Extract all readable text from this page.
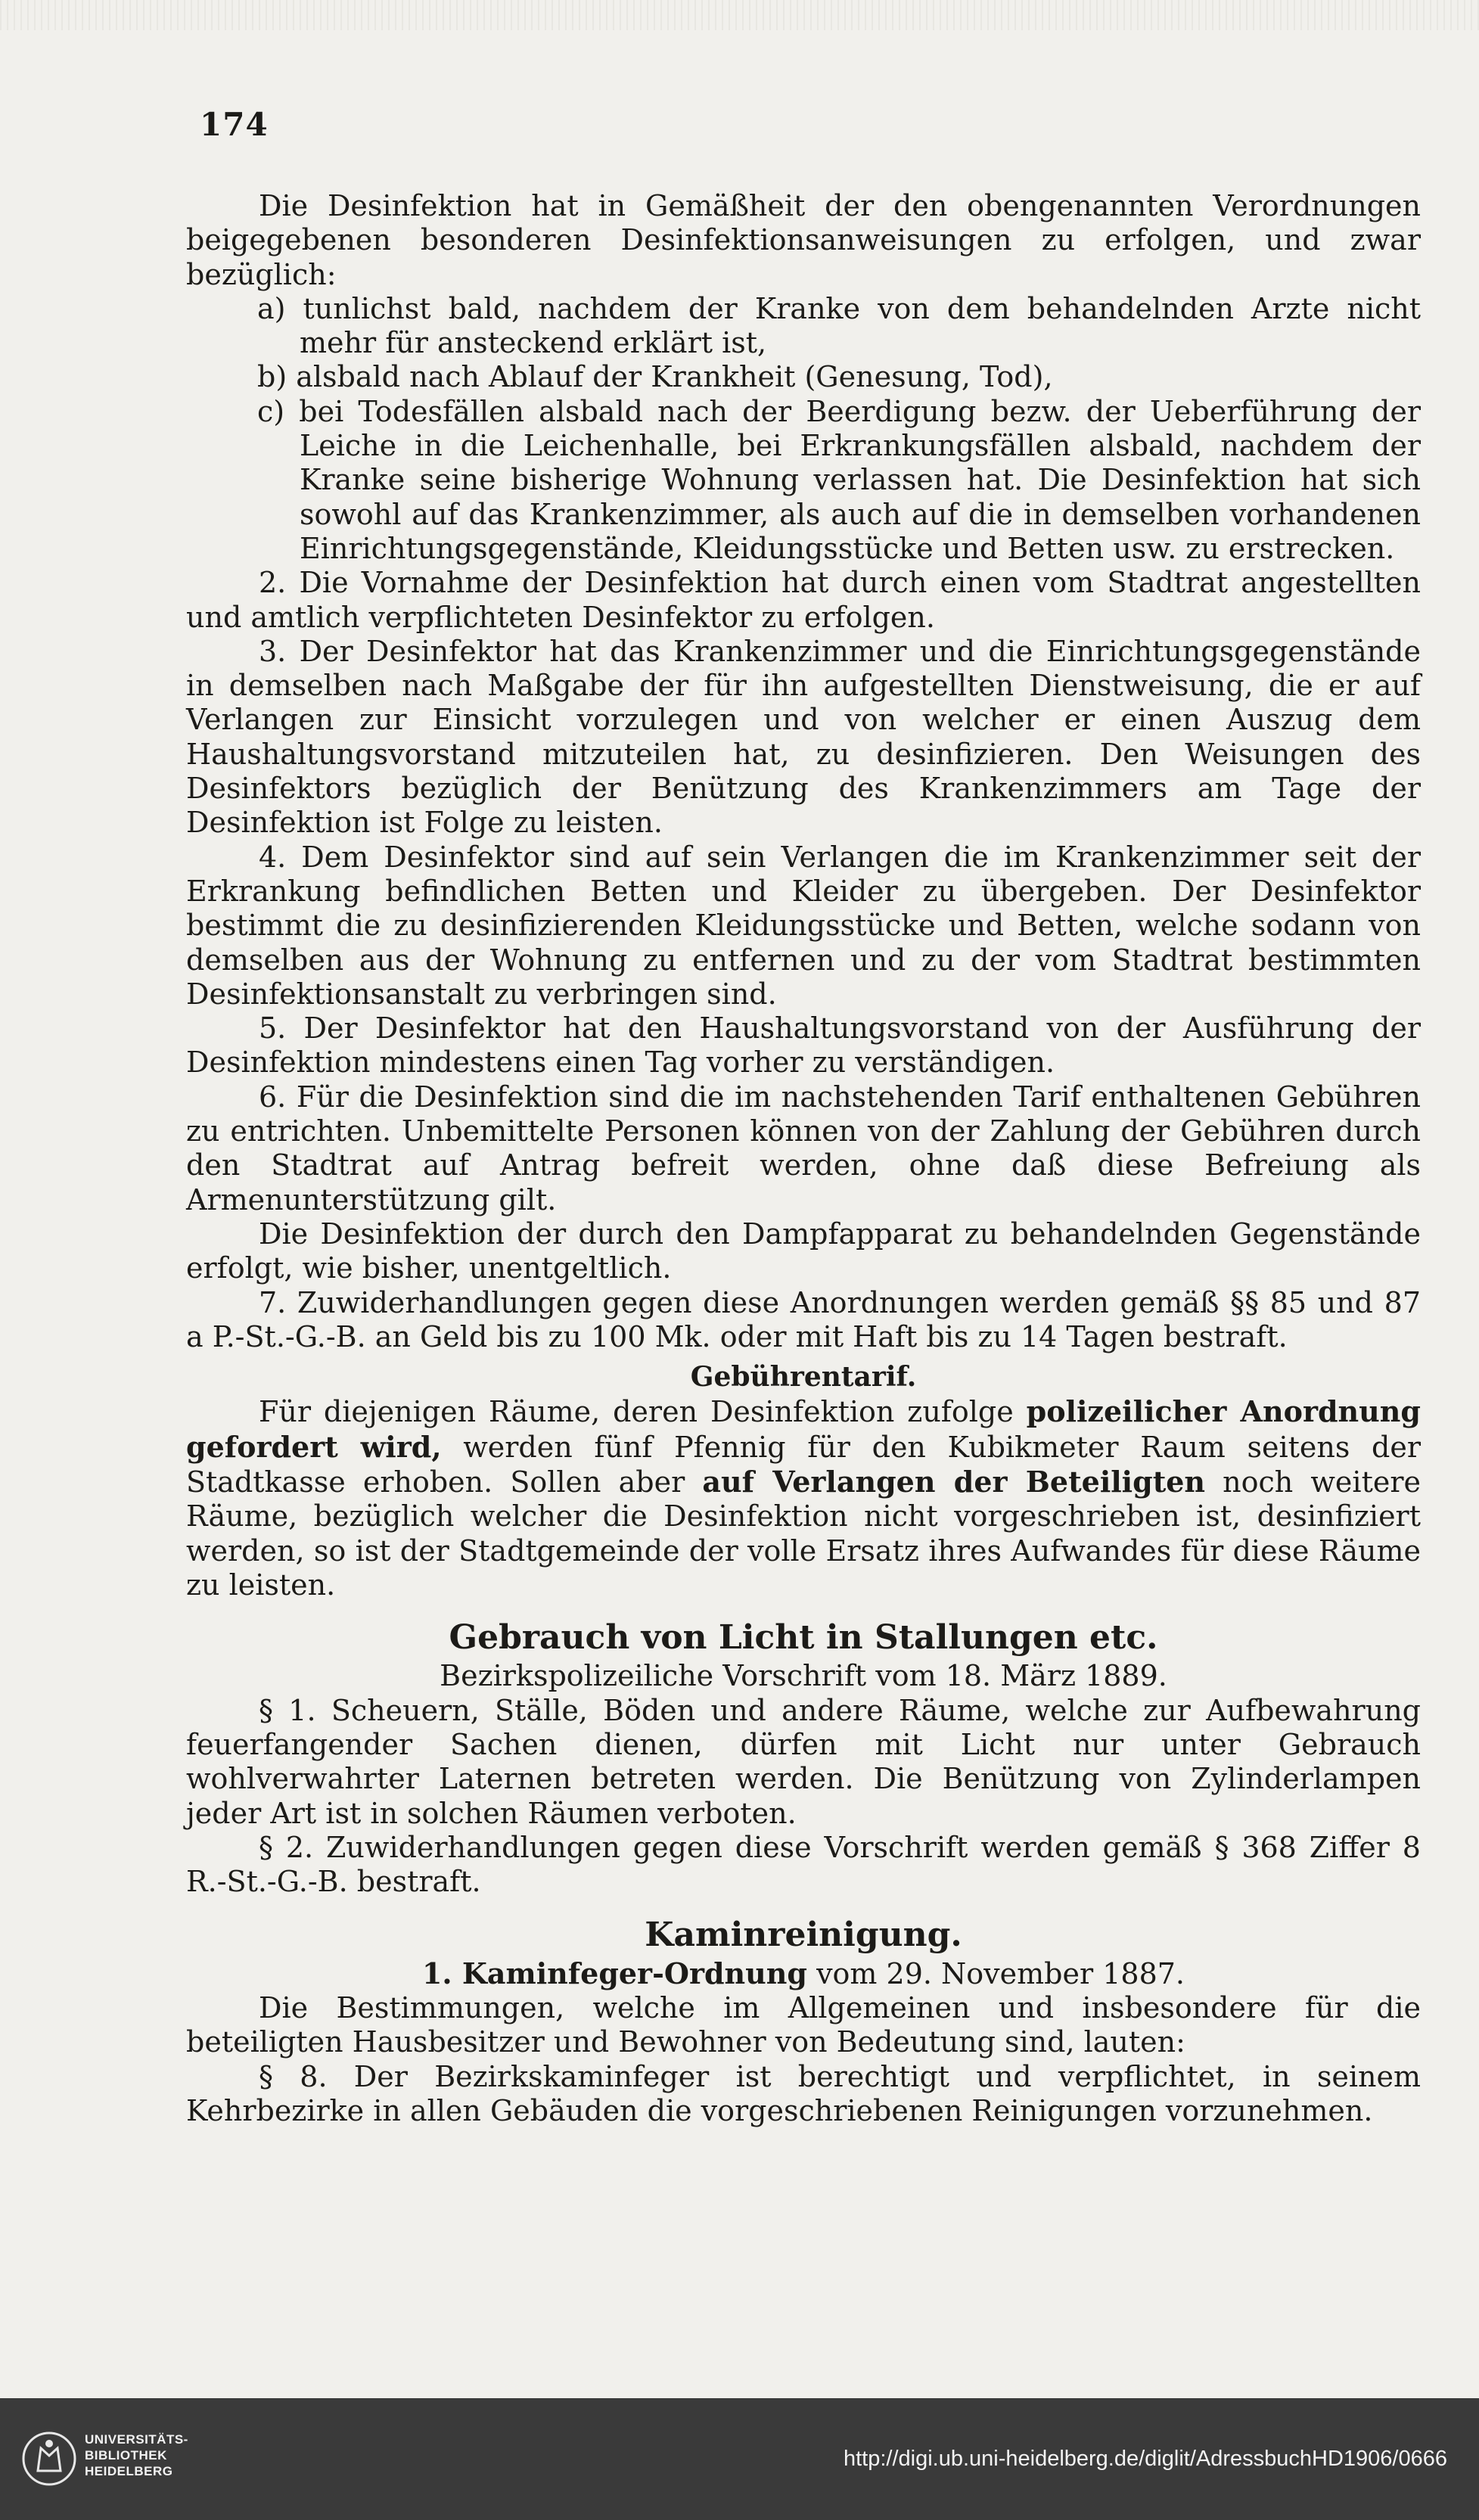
174

Die Desinfektion hat in Gemäßheit der den obengenannten Verordnungen beigegebenen besonderen Desinfektionsanweisungen zu erfolgen, und zwar bezüglich:

a) tunlichst bald, nachdem der Kranke von dem behandelnden Arzte nicht mehr für ansteckend erklärt ist,

b) alsbald nach Ablauf der Krankheit (Genesung, Tod),

c) bei Todesfällen alsbald nach der Beerdigung bezw. der Ueberführung der Leiche in die Leichenhalle, bei Erkrankungsfällen alsbald, nachdem der Kranke seine bisherige Wohnung verlassen hat. Die Desinfektion hat sich sowohl auf das Krankenzimmer, als auch auf die in demselben vorhandenen Einrichtungsgegenstände, Kleidungsstücke und Betten usw. zu erstrecken.

2. Die Vornahme der Desinfektion hat durch einen vom Stadtrat angestellten und amtlich verpflichteten Desinfektor zu erfolgen.

3. Der Desinfektor hat das Krankenzimmer und die Einrichtungsgegenstände in demselben nach Maßgabe der für ihn aufgestellten Dienstweisung, die er auf Verlangen zur Einsicht vorzulegen und von welcher er einen Auszug dem Haushaltungsvorstand mitzuteilen hat, zu desinfizieren. Den Weisungen des Desinfektors bezüglich der Benützung des Krankenzimmers am Tage der Desinfektion ist Folge zu leisten.

4. Dem Desinfektor sind auf sein Verlangen die im Krankenzimmer seit der Erkrankung befindlichen Betten und Kleider zu übergeben. Der Desinfektor bestimmt die zu desinfizierenden Kleidungsstücke und Betten, welche sodann von demselben aus der Wohnung zu entfernen und zu der vom Stadtrat bestimmten Desinfektionsanstalt zu verbringen sind.

5. Der Desinfektor hat den Haushaltungsvorstand von der Ausführung der Desinfektion mindestens einen Tag vorher zu verständigen.

6. Für die Desinfektion sind die im nachstehenden Tarif enthaltenen Gebühren zu entrichten. Unbemittelte Personen können von der Zahlung der Gebühren durch den Stadtrat auf Antrag befreit werden, ohne daß diese Befreiung als Armenunterstützung gilt.

Die Desinfektion der durch den Dampfapparat zu behandelnden Gegenstände erfolgt, wie bisher, unentgeltlich.

7. Zuwiderhandlungen gegen diese Anordnungen werden gemäß §§ 85 und 87 a P.-St.-G.-B. an Geld bis zu 100 Mk. oder mit Haft bis zu 14 Tagen bestraft.

Gebührentarif.

Für diejenigen Räume, deren Desinfektion zufolge polizeilicher Anordnung gefordert wird, werden fünf Pfennig für den Kubikmeter Raum seitens der Stadtkasse erhoben. Sollen aber auf Verlangen der Beteiligten noch weitere Räume, bezüglich welcher die Desinfektion nicht vorgeschrieben ist, desinfiziert werden, so ist der Stadtgemeinde der volle Ersatz ihres Aufwandes für diese Räume zu leisten.

Gebrauch von Licht in Stallungen etc.

Bezirkspolizeiliche Vorschrift vom 18. März 1889.

§ 1. Scheuern, Ställe, Böden und andere Räume, welche zur Aufbewahrung feuerfangender Sachen dienen, dürfen mit Licht nur unter Gebrauch wohlverwahrter Laternen betreten werden. Die Benützung von Zylinderlampen jeder Art ist in solchen Räumen verboten.

§ 2. Zuwiderhandlungen gegen diese Vorschrift werden gemäß § 368 Ziffer 8 R.-St.-G.-B. bestraft.

Kaminreinigung.

1. Kaminfeger-Ordnung vom 29. November 1887.

Die Bestimmungen, welche im Allgemeinen und insbesondere für die beteiligten Hausbesitzer und Bewohner von Bedeutung sind, lauten:

§ 8. Der Bezirkskaminfeger ist berechtigt und verpflichtet, in seinem Kehrbezirke in allen Gebäuden die vorgeschriebenen Reinigungen vorzunehmen.

UNIVERSITÄTS-
BIBLIOTHEK
HEIDELBERG
http://digi.ub.uni-heidelberg.de/diglit/AdressbuchHD1906/0666
